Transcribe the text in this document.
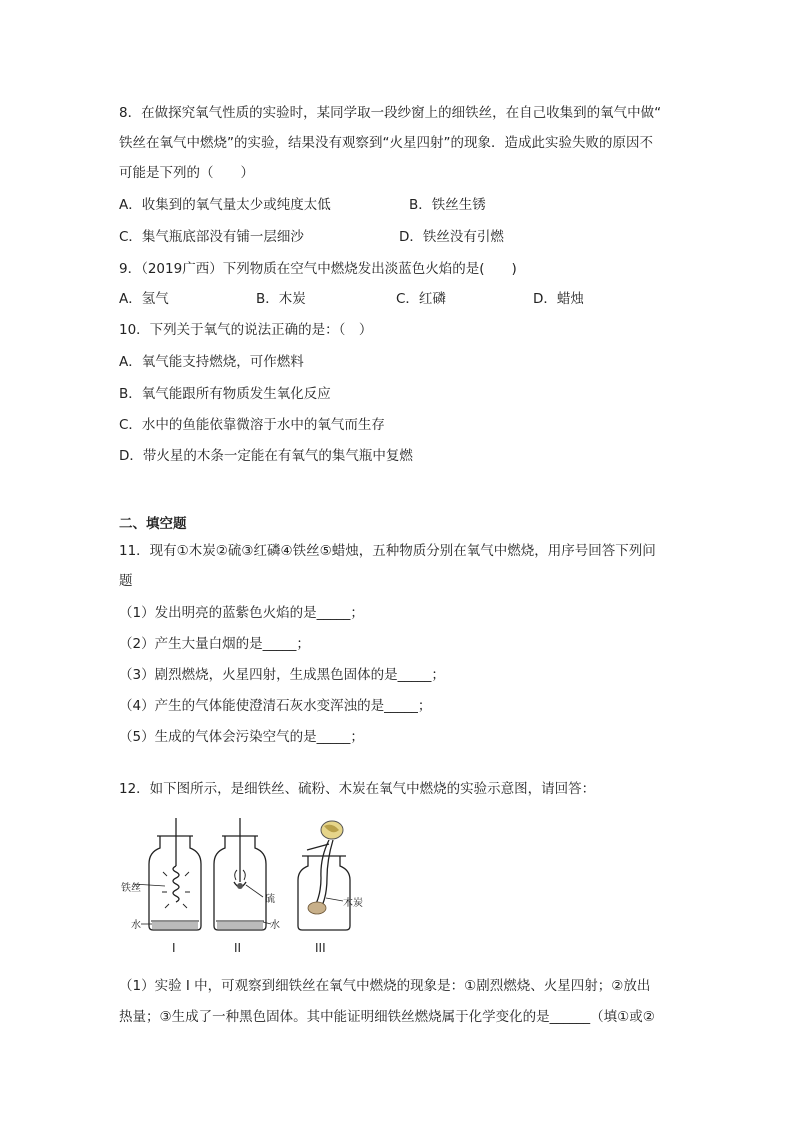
8．在做探究氧气性质的实验时，某同学取一段纱窗上的细铁丝，在自己收集到的氧气中做“
铁丝在氧气中燃烧”的实验，结果没有观察到“火星四射”的现象．造成此实验失败的原因不
可能是下列的（　　）
A．收集到的氧气量太少或纯度太低	B．铁丝生锈
C．集气瓶底部没有铺一层细沙	D．铁丝没有引燃
9．（2019广西）下列物质在空气中燃烧发出淡蓝色火焰的是(　　)
A．氢气	B．木炭	C．红磷	D．蜡烛
10．下列关于氧气的说法正确的是：（　）
A．氧气能支持燃烧，可作燃料
B．氧气能跟所有物质发生氧化反应
C．水中的鱼能依靠微溶于水中的氧气而生存
D．带火星的木条一定能在有氧气的集气瓶中复燃
二、填空题
11．现有①木炭②硫③红磷④铁丝⑤蜡烛，五种物质分别在氧气中燃烧，用序号回答下列问
题
（1）发出明亮的蓝紫色火焰的是_____；
（2）产生大量白烟的是_____；
（3）剧烈燃烧，火星四射，生成黑色固体的是_____；
（4）产生的气体能使澄清石灰水变浑浊的是_____；
（5）生成的气体会污染空气的是_____；
12．如下图所示，是细铁丝、硫粉、木炭在氧气中燃烧的实验示意图，请回答：
铁丝
水
硫
水
木炭
I	II	III
（1）实验 I 中，可观察到细铁丝在氧气中燃烧的现象是：①剧烈燃烧、火星四射；②放出
热量；③生成了一种黑色固体。其中能证明细铁丝燃烧属于化学变化的是______（填①或②
